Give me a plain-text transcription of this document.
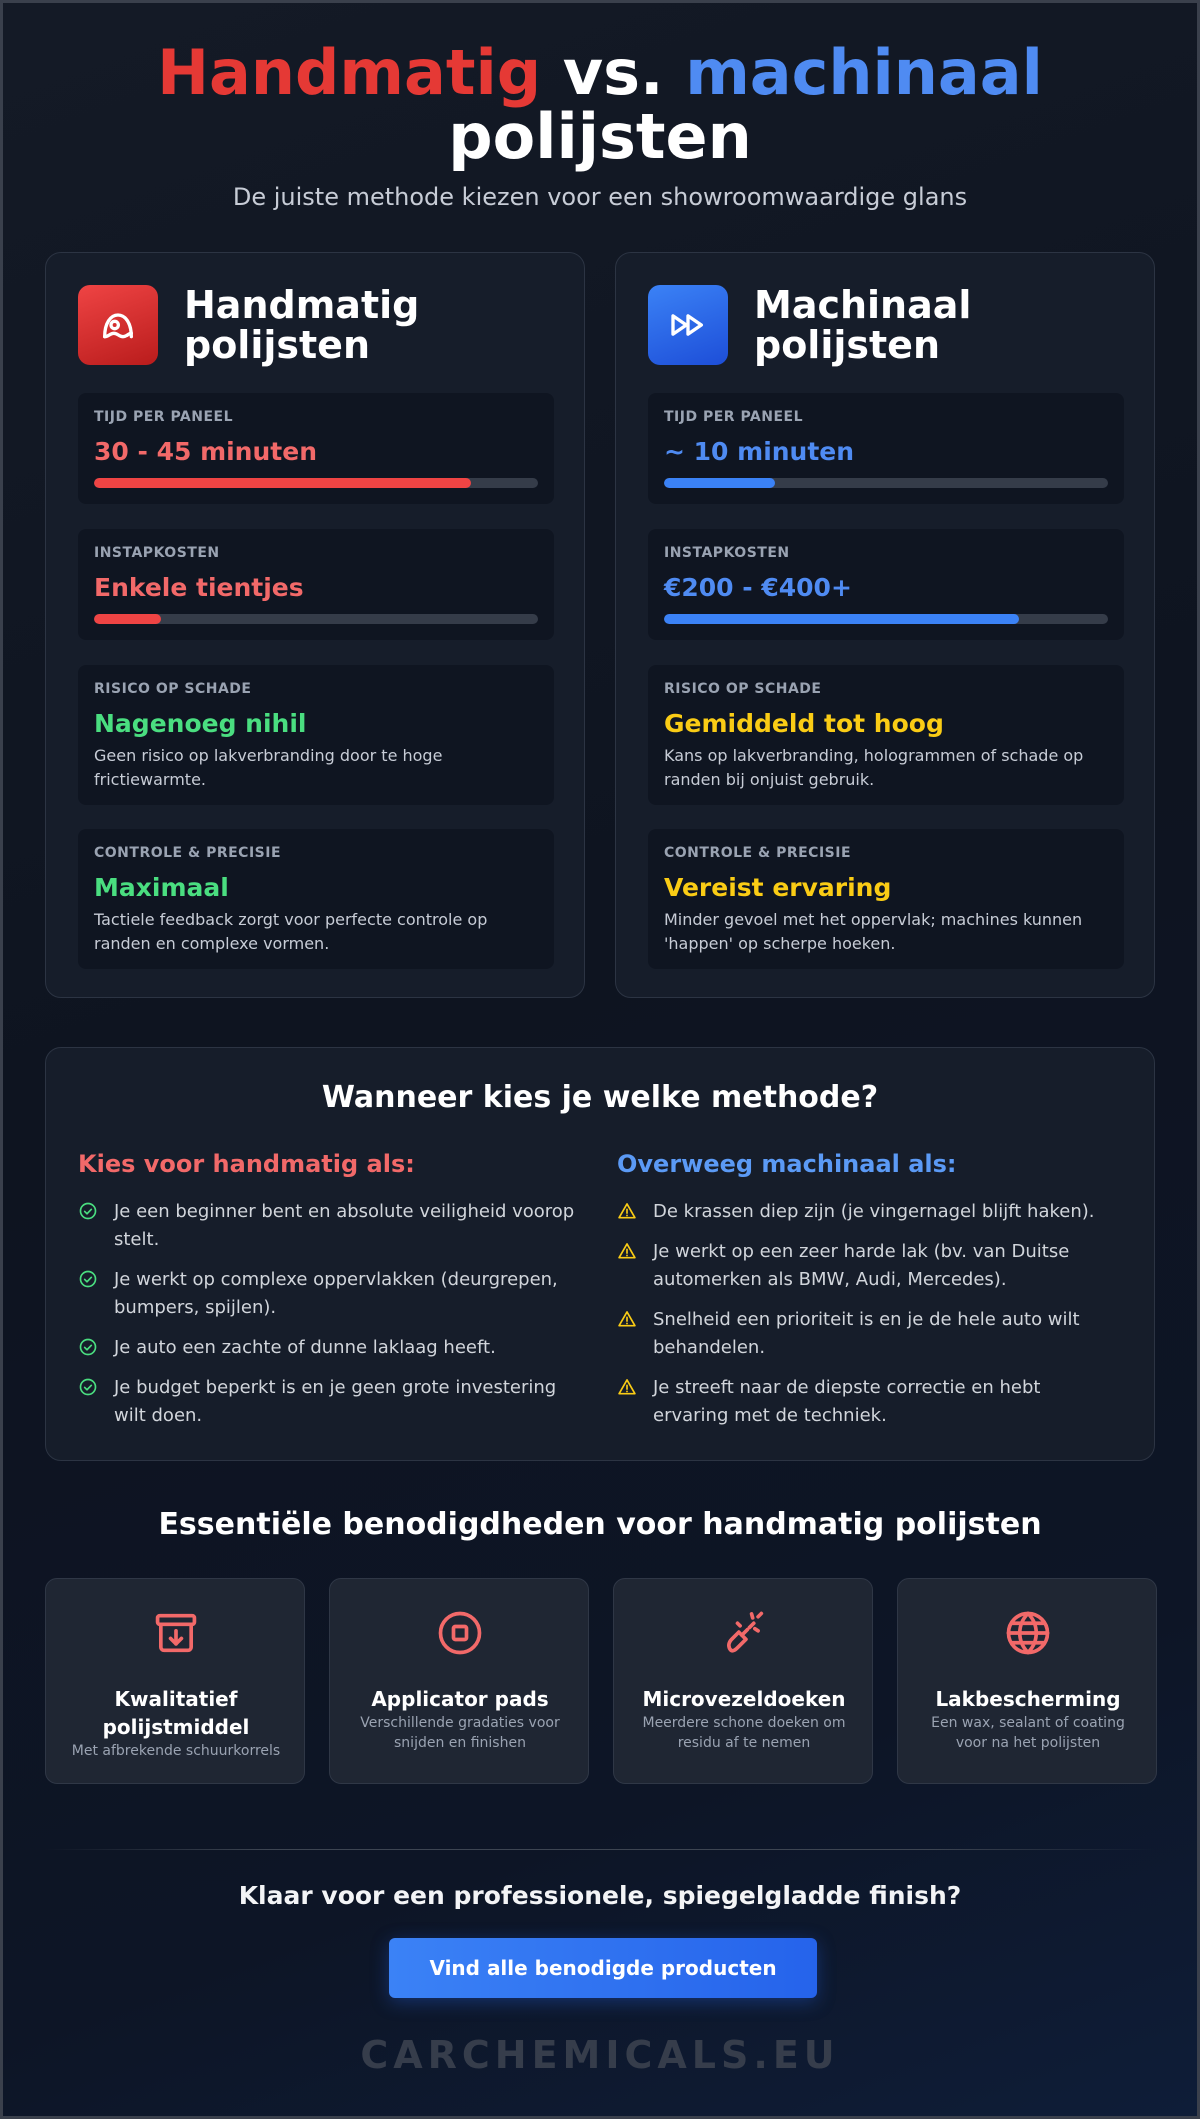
Handmatig vs. machinaal
polijsten
De juiste methode kiezen voor een showroomwaardige glans
Handmatig polijsten
TIJD PER PANEEL
30 - 45 minuten
INSTAPKOSTEN
Enkele tientjes
RISICO OP SCHADE
Nagenoeg nihil
Geen risico op lakverbranding door te hoge frictiewarmte.
CONTROLE & PRECISIE
Maximaal
Tactiele feedback zorgt voor perfecte controle op randen en complexe vormen.
Machinaal polijsten
TIJD PER PANEEL
~ 10 minuten
INSTAPKOSTEN
€200 - €400+
RISICO OP SCHADE
Gemiddeld tot hoog
Kans op lakverbranding, hologrammen of schade op randen bij onjuist gebruik.
CONTROLE & PRECISIE
Vereist ervaring
Minder gevoel met het oppervlak; machines kunnen 'happen' op scherpe hoeken.
Wanneer kies je welke methode?
Kies voor handmatig als:
Je een beginner bent en absolute veiligheid voorop stelt.
Je werkt op complexe oppervlakken (deurgrepen, bumpers, spijlen).
Je auto een zachte of dunne laklaag heeft.
Je budget beperkt is en je geen grote investering wilt doen.
Overweeg machinaal als:
De krassen diep zijn (je vingernagel blijft haken).
Je werkt op een zeer harde lak (bv. van Duitse automerken als BMW, Audi, Mercedes).
Snelheid een prioriteit is en je de hele auto wilt behandelen.
Je streeft naar de diepste correctie en hebt ervaring met de techniek.
Essentiële benodigdheden voor handmatig polijsten
Kwalitatief polijstmiddel
Met afbrekende schuurkorrels
Applicator pads
Verschillende gradaties voor snijden en finishen
Microvezeldoeken
Meerdere schone doeken om residu af te nemen
Lakbescherming
Een wax, sealant of coating voor na het polijsten
Klaar voor een professionele, spiegelgladde finish?
Vind alle benodigde producten
CARCHEMICALS.EU
